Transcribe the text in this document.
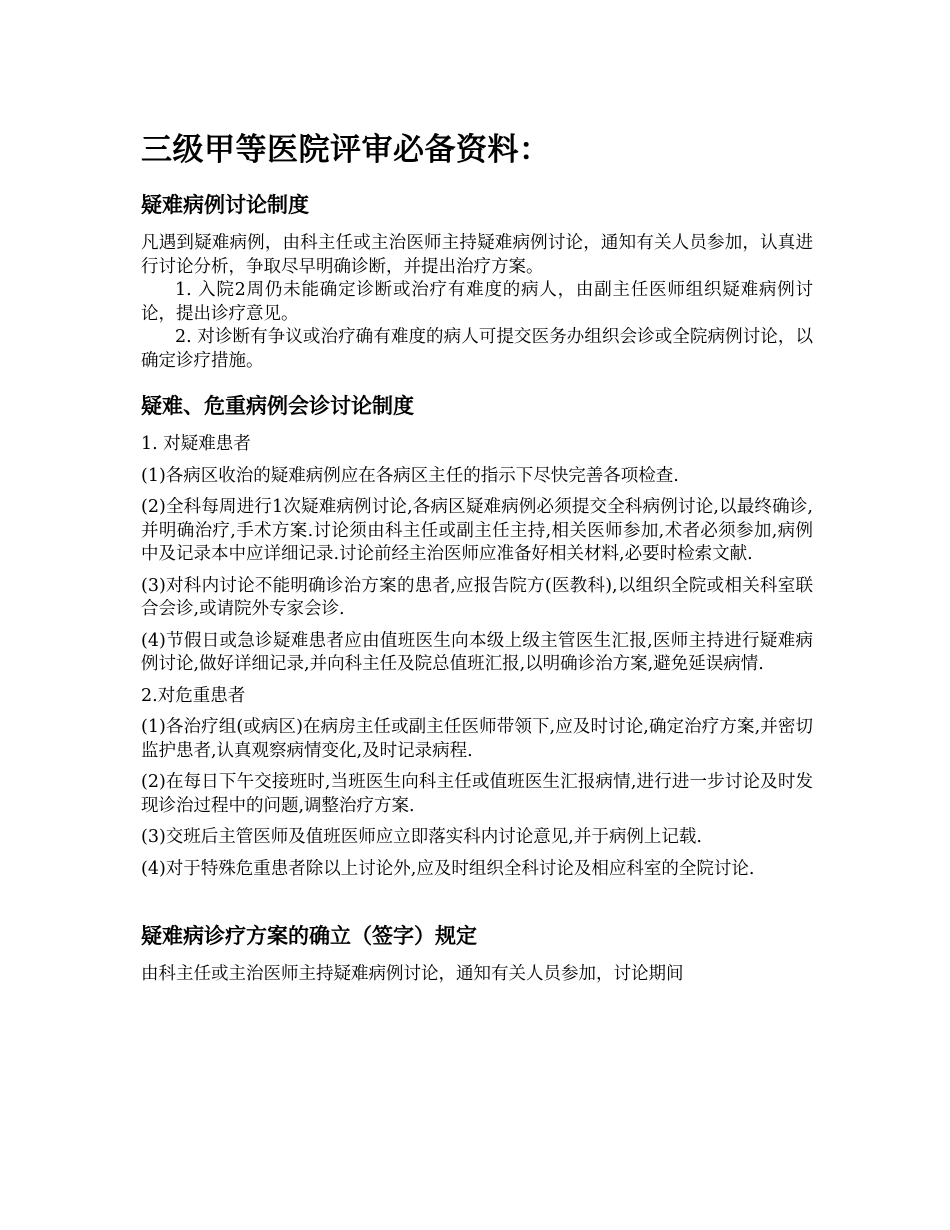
三级甲等医院评审必备资料：
疑难病例讨论制度

凡遇到疑难病例，由科主任或主治医师主持疑难病例讨论，通知有关人员参加，认真进行讨论分析，争取尽早明确诊断，并提出治疗方案。

1. 入院2周仍未能确定诊断或治疗有难度的病人，由副主任医师组织疑难病例讨论，提出诊疗意见。

2. 对诊断有争议或治疗确有难度的病人可提交医务办组织会诊或全院病例讨论，以确定诊疗措施。

疑难、危重病例会诊讨论制度

1. 对疑难患者

(1)各病区收治的疑难病例应在各病区主任的指示下尽快完善各项检查.

(2)全科每周进行1次疑难病例讨论,各病区疑难病例必须提交全科病例讨论,以最终确诊,并明确治疗,手术方案.讨论须由科主任或副主任主持,相关医师参加,术者必须参加,病例中及记录本中应详细记录.讨论前经主治医师应准备好相关材料,必要时检索文献.

(3)对科内讨论不能明确诊治方案的患者,应报告院方(医教科),以组织全院或相关科室联合会诊,或请院外专家会诊.

(4)节假日或急诊疑难患者应由值班医生向本级上级主管医生汇报,医师主持进行疑难病例讨论,做好详细记录,并向科主任及院总值班汇报,以明确诊治方案,避免延误病情.

2.对危重患者

(1)各治疗组(或病区)在病房主任或副主任医师带领下,应及时讨论,确定治疗方案,并密切监护患者,认真观察病情变化,及时记录病程.

(2)在每日下午交接班时,当班医生向科主任或值班医生汇报病情,进行进一步讨论及时发现诊治过程中的问题,调整治疗方案.

(3)交班后主管医师及值班医师应立即落实科内讨论意见,并于病例上记载.

(4)对于特殊危重患者除以上讨论外,应及时组织全科讨论及相应科室的全院讨论.

疑难病诊疗方案的确立（签字）规定

由科主任或主治医师主持疑难病例讨论，通知有关人员参加，讨论期间
